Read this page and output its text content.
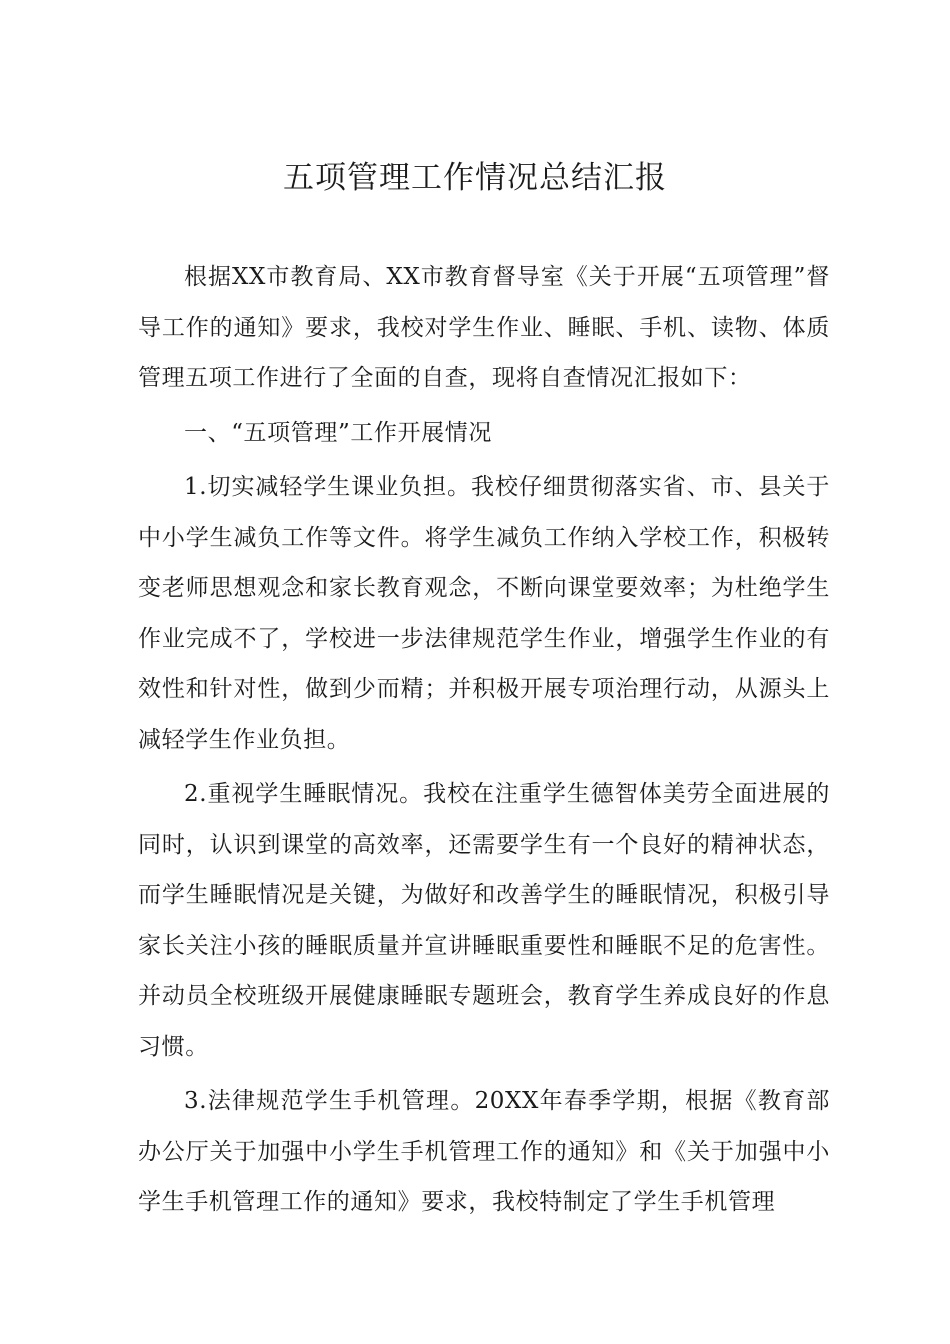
五项管理工作情况总结汇报

根据XX市教育局、XX市教育督导室《关于开展“五项管理”督导工作的通知》要求，我校对学生作业、睡眠、手机、读物、体质管理五项工作进行了全面的自查，现将自查情况汇报如下：

一、“五项管理”工作开展情况

1.切实减轻学生课业负担。我校仔细贯彻落实省、市、县关于中小学生减负工作等文件。将学生减负工作纳入学校工作，积极转变老师思想观念和家长教育观念，不断向课堂要效率；为杜绝学生作业完成不了，学校进一步法律规范学生作业，增强学生作业的有效性和针对性，做到少而精；并积极开展专项治理行动，从源头上减轻学生作业负担。

2.重视学生睡眠情况。我校在注重学生德智体美劳全面进展的同时，认识到课堂的高效率，还需要学生有一个良好的精神状态，而学生睡眠情况是关键，为做好和改善学生的睡眠情况，积极引导家长关注小孩的睡眠质量并宣讲睡眠重要性和睡眠不足的危害性。并动员全校班级开展健康睡眠专题班会，教育学生养成良好的作息习惯。

3.法律规范学生手机管理。20XX年春季学期，根据《教育部办公厅关于加强中小学生手机管理工作的通知》和《关于加强中小学生手机管理工作的通知》要求，我校特制定了学生手机管理
